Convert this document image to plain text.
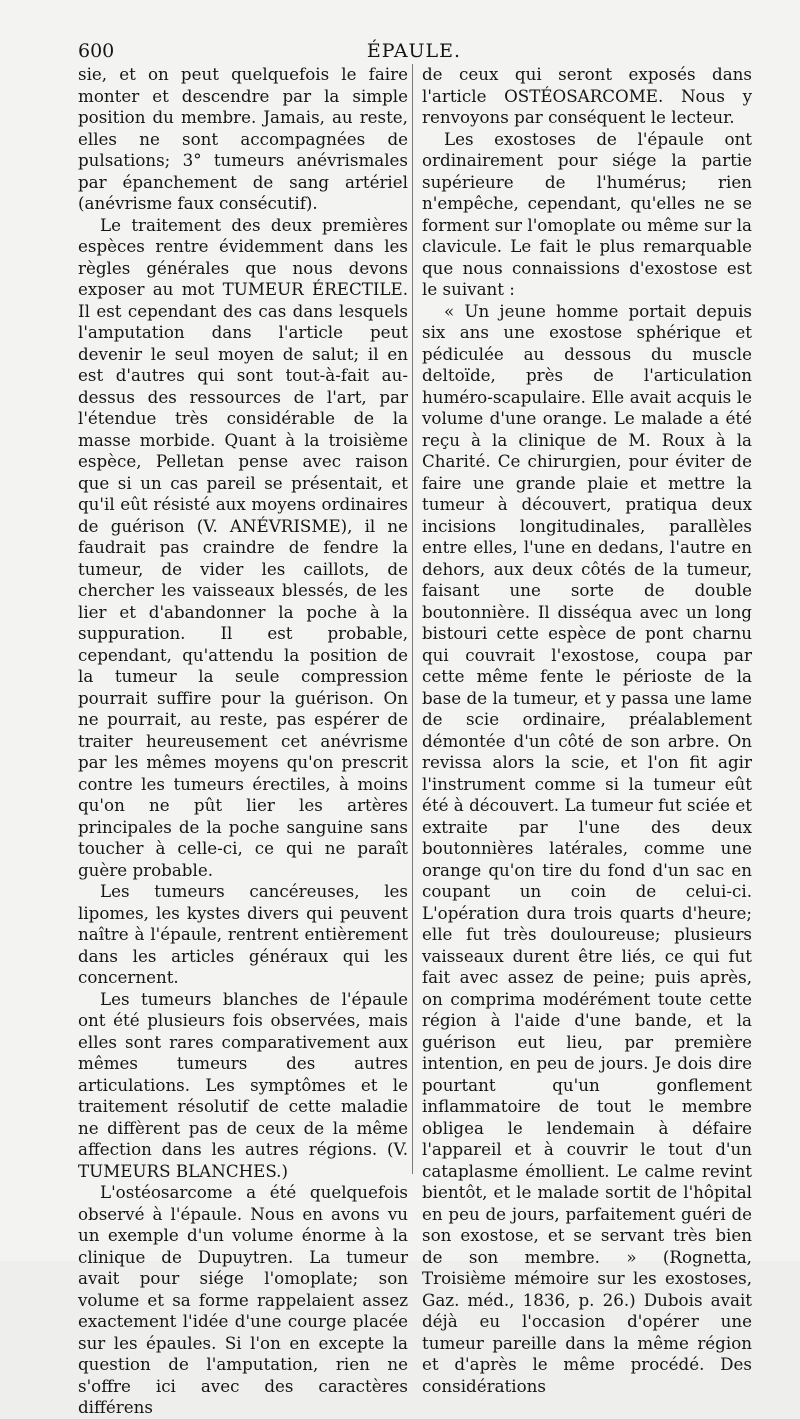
600	ÉPAULE.

sie, et on peut quelquefois le faire monter et descendre par la simple position du membre. Jamais, au reste, elles ne sont accompagnées de pulsations; 3° tumeurs anévrismales par épanchement de sang artériel (anévrisme faux consécutif).

Le traitement des deux premières espèces rentre évidemment dans les règles générales que nous devons exposer au mot TUMEUR ÉRECTILE. Il est cependant des cas dans lesquels l'amputation dans l'article peut devenir le seul moyen de salut; il en est d'autres qui sont tout-à-fait au-dessus des ressources de l'art, par l'étendue très considérable de la masse morbide. Quant à la troisième espèce, Pelletan pense avec raison que si un cas pareil se présentait, et qu'il eût résisté aux moyens ordinaires de guérison (V. ANÉVRISME), il ne faudrait pas craindre de fendre la tumeur, de vider les caillots, de chercher les vaisseaux blessés, de les lier et d'abandonner la poche à la suppuration. Il est probable, cependant, qu'attendu la position de la tumeur la seule compression pourrait suffire pour la guérison. On ne pourrait, au reste, pas espérer de traiter heureusement cet anévrisme par les mêmes moyens qu'on prescrit contre les tumeurs érectiles, à moins qu'on ne pût lier les artères principales de la poche sanguine sans toucher à celle-ci, ce qui ne paraît guère probable.

Les tumeurs cancéreuses, les lipomes, les kystes divers qui peuvent naître à l'épaule, rentrent entièrement dans les articles généraux qui les concernent.

Les tumeurs blanches de l'épaule ont été plusieurs fois observées, mais elles sont rares comparativement aux mêmes tumeurs des autres articulations. Les symptômes et le traitement résolutif de cette maladie ne diffèrent pas de ceux de la même affection dans les autres régions. (V. TUMEURS BLANCHES.)

L'ostéosarcome a été quelquefois observé à l'épaule. Nous en avons vu un exemple d'un volume énorme à la clinique de Dupuytren. La tumeur avait pour siége l'omoplate; son volume et sa forme rappelaient assez exactement l'idée d'une courge placée sur les épaules. Si l'on en excepte la question de l'amputation, rien ne s'offre ici avec des caractères différens

de ceux qui seront exposés dans l'article OSTÉOSARCOME. Nous y renvoyons par conséquent le lecteur.

Les exostoses de l'épaule ont ordinairement pour siége la partie supérieure de l'humérus; rien n'empêche, cependant, qu'elles ne se forment sur l'omoplate ou même sur la clavicule. Le fait le plus remarquable que nous connaissions d'exostose est le suivant :

« Un jeune homme portait depuis six ans une exostose sphérique et pédiculée au dessous du muscle deltoïde, près de l'articulation huméro-scapulaire. Elle avait acquis le volume d'une orange. Le malade a été reçu à la clinique de M. Roux à la Charité. Ce chirurgien, pour éviter de faire une grande plaie et mettre la tumeur à découvert, pratiqua deux incisions longitudinales, parallèles entre elles, l'une en dedans, l'autre en dehors, aux deux côtés de la tumeur, faisant une sorte de double boutonnière. Il disséqua avec un long bistouri cette espèce de pont charnu qui couvrait l'exostose, coupa par cette même fente le périoste de la base de la tumeur, et y passa une lame de scie ordinaire, préalablement démontée d'un côté de son arbre. On revissa alors la scie, et l'on fit agir l'instrument comme si la tumeur eût été à découvert. La tumeur fut sciée et extraite par l'une des deux boutonnières latérales, comme une orange qu'on tire du fond d'un sac en coupant un coin de celui-ci. L'opération dura trois quarts d'heure; elle fut très douloureuse; plusieurs vaisseaux durent être liés, ce qui fut fait avec assez de peine; puis après, on comprima modérément toute cette région à l'aide d'une bande, et la guérison eut lieu, par première intention, en peu de jours. Je dois dire pourtant qu'un gonflement inflammatoire de tout le membre obligea le lendemain à défaire l'appareil et à couvrir le tout d'un cataplasme émollient. Le calme revint bientôt, et le malade sortit de l'hôpital en peu de jours, parfaitement guéri de son exostose, et se servant très bien de son membre. » (Rognetta, Troisième mémoire sur les exostoses, Gaz. méd., 1836, p. 26.) Dubois avait déjà eu l'occasion d'opérer une tumeur pareille dans la même région et d'après le même procédé. Des considérations
